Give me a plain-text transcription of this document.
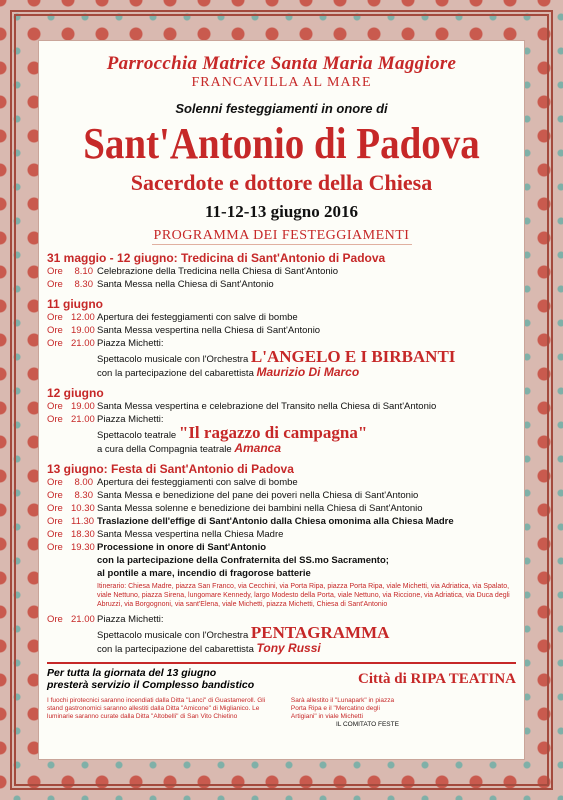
Parrocchia Matrice Santa Maria Maggiore
FRANCAVILLA AL MARE
Solenni festeggiamenti in onore di
Sant'Antonio di Padova
Sacerdote e dottore della Chiesa
11-12-13 giugno 2016
PROGRAMMA DEI FESTEGGIAMENTI
31 maggio - 12 giugno: Tredicina di Sant'Antonio di Padova
Ore	8.10 Celebrazione della Tredicina nella Chiesa di Sant'Antonio
Ore	8.30 Santa Messa nella Chiesa di Sant'Antonio
11 giugno
Ore 12.00 Apertura dei festeggiamenti con salve di bombe
Ore 19.00 Santa Messa vespertina nella Chiesa di Sant'Antonio
Ore 21.00 Piazza Michetti:
Spettacolo musicale con l'Orchestra L'ANGELO E I BIRBANTI
con la partecipazione del cabarettista Maurizio Di Marco
12 giugno
Ore 19.00 Santa Messa vespertina e celebrazione del Transito nella Chiesa di Sant'Antonio
Ore 21.00 Piazza Michetti:
Spettacolo teatrale "Il ragazzo di campagna"
a cura della Compagnia teatrale Amanca
13 giugno: Festa di Sant'Antonio di Padova
Ore	8.00 Apertura dei festeggiamenti con salve di bombe
Ore	8.30 Santa Messa e benedizione del pane dei poveri nella Chiesa di Sant'Antonio
Ore 10.30 Santa Messa solenne e benedizione dei bambini nella Chiesa di Sant'Antonio
Ore 11.30 Traslazione dell'effige di Sant'Antonio dalla Chiesa omonima alla Chiesa Madre
Ore 18.30 Santa Messa vespertina nella Chiesa Madre
Ore 19.30 Processione in onore di Sant'Antonio
con la partecipazione della Confraternita del SS.mo Sacramento;
al pontile a mare, incendio di fragorose batterie
Itinerario: Chiesa Madre, piazza San Franco, via Cecchini, via Porta Ripa, piazza Porta Ripa, viale Michetti, via Adriatica, via Spalato, viale Nettuno, piazza Sirena, lungomare Kennedy, largo Modesto della Porta, viale Nettuno, via Riccione, via Adriatica, via Duca degli Abruzzi, via Borgognoni, via sant'Elena, viale Michetti, piazza Michetti, Chiesa di Sant'Antonio
Ore 21.00 Piazza Michetti:
Spettacolo musicale con l'Orchestra PENTAGRAMMA
con la partecipazione del cabarettista Tony Russi
Per tutta la giornata del 13 giugno
presterà servizio il Complesso bandistico	Città di RIPA TEATINA
I fuochi pirotecnici saranno incendiati dalla Ditta "Lanci" di Guastameroll. Gli stand gastronomici saranno allestiti dalla Ditta "Amicone" di Miglianico. Le luminarie saranno curate dalla Ditta "Altobelli" di San Vito Chietino
Sarà allestito il "Lunapark" in piazza Porta Ripa e il "Mercatino degli Artigiani" in viale Michetti
IL COMITATO FESTE
